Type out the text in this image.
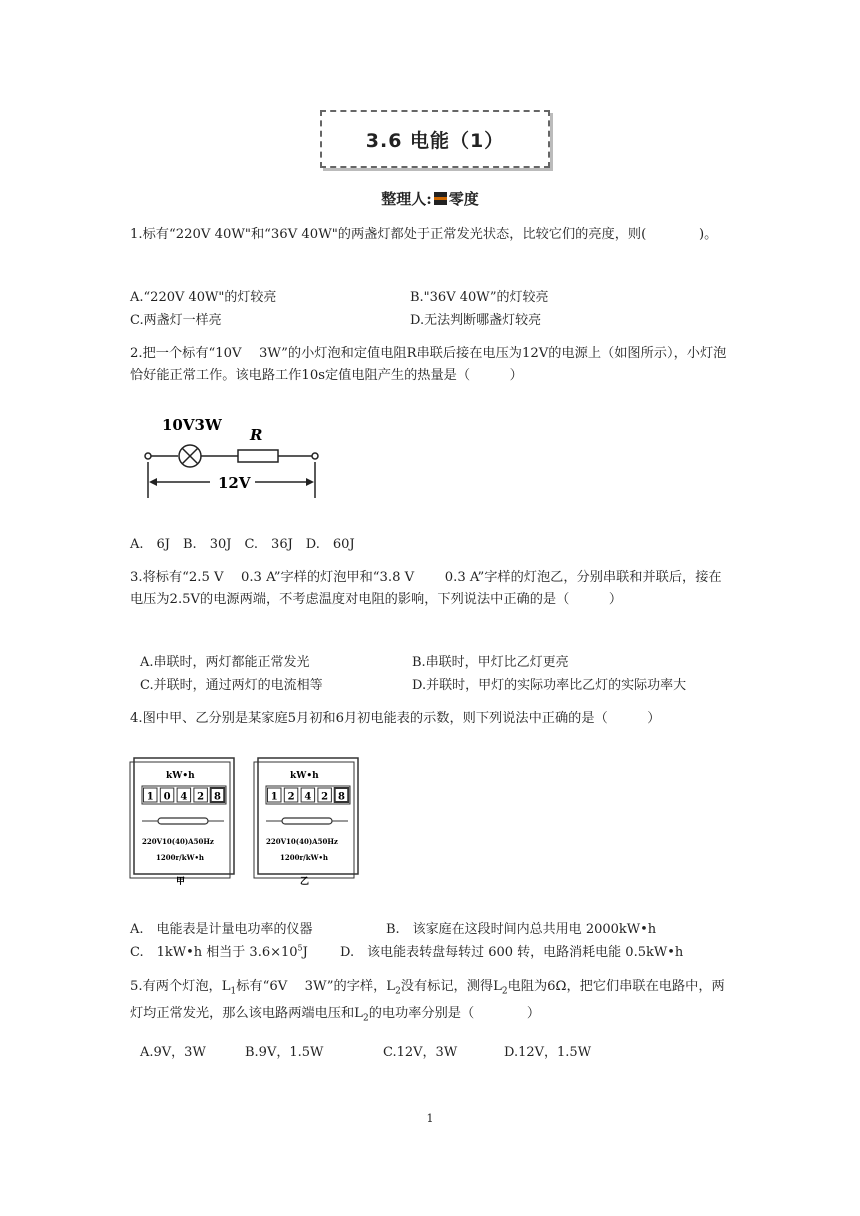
3.6 电能（1）
整理人: 零度
1.标有“220V 40W"和“36V 40W"的两盏灯都处于正常发光状态，比较它们的亮度，则(　　　　)。
A.“220V 40W"的灯较亮	B."36V 40W”的灯较亮
C.两盏灯一样亮	D.无法判断哪盏灯较亮
2.把一个标有“10V　 3W”的小灯泡和定值电阻R串联后接在电压为12V的电源上（如图所示），小灯泡恰好能正常工作。该电路工作10s定值电阻产生的热量是（　　　）
10V3W
R
12V
A.　6J　B.　30J　C.　36J　D.　60J
3.将标有“2.5 V　 0.3 A”字样的灯泡甲和“3.8 V　　 0.3 A”字样的灯泡乙，分别串联和并联后，接在电压为2.5V的电源两端，不考虑温度对电阻的影响，下列说法中正确的是（　　　）
A.串联时，两灯都能正常发光	B.串联时，甲灯比乙灯更亮
C.并联时，通过两灯的电流相等	D.并联时，甲灯的实际功率比乙灯的实际功率大
4.图中甲、乙分别是某家庭5月初和6月初电能表的示数，则下列说法中正确的是（　　　）
kW•h
1 0 4 2 8
220V10(40)A50Hz
1200r/kW•h
甲
kW•h
1 2 4 2 8
220V10(40)A50Hz
1200r/kW•h
乙
A.　电能表是计量电功率的仪器	B.　该家庭在这段时间内总共用电 2000kW•h
C.　1kW•h 相当于 $3.6\times 10^5J$ D.　该电能表转盘每转过 600 转，电路消耗电能 0.5kW•h
5.有两个灯泡，$L_1$标有“6V　 3W”的字样，$L_2$没有标记，测得$L_2$电阻为6Ω，把它们串联在电路中，两灯均正常发光，那么该电路两端电压和$L_2$的电功率分别是（　　　　）
A.9V，3W	B.9V，1.5W	C.12V，3W	D.12V，1.5W
1
